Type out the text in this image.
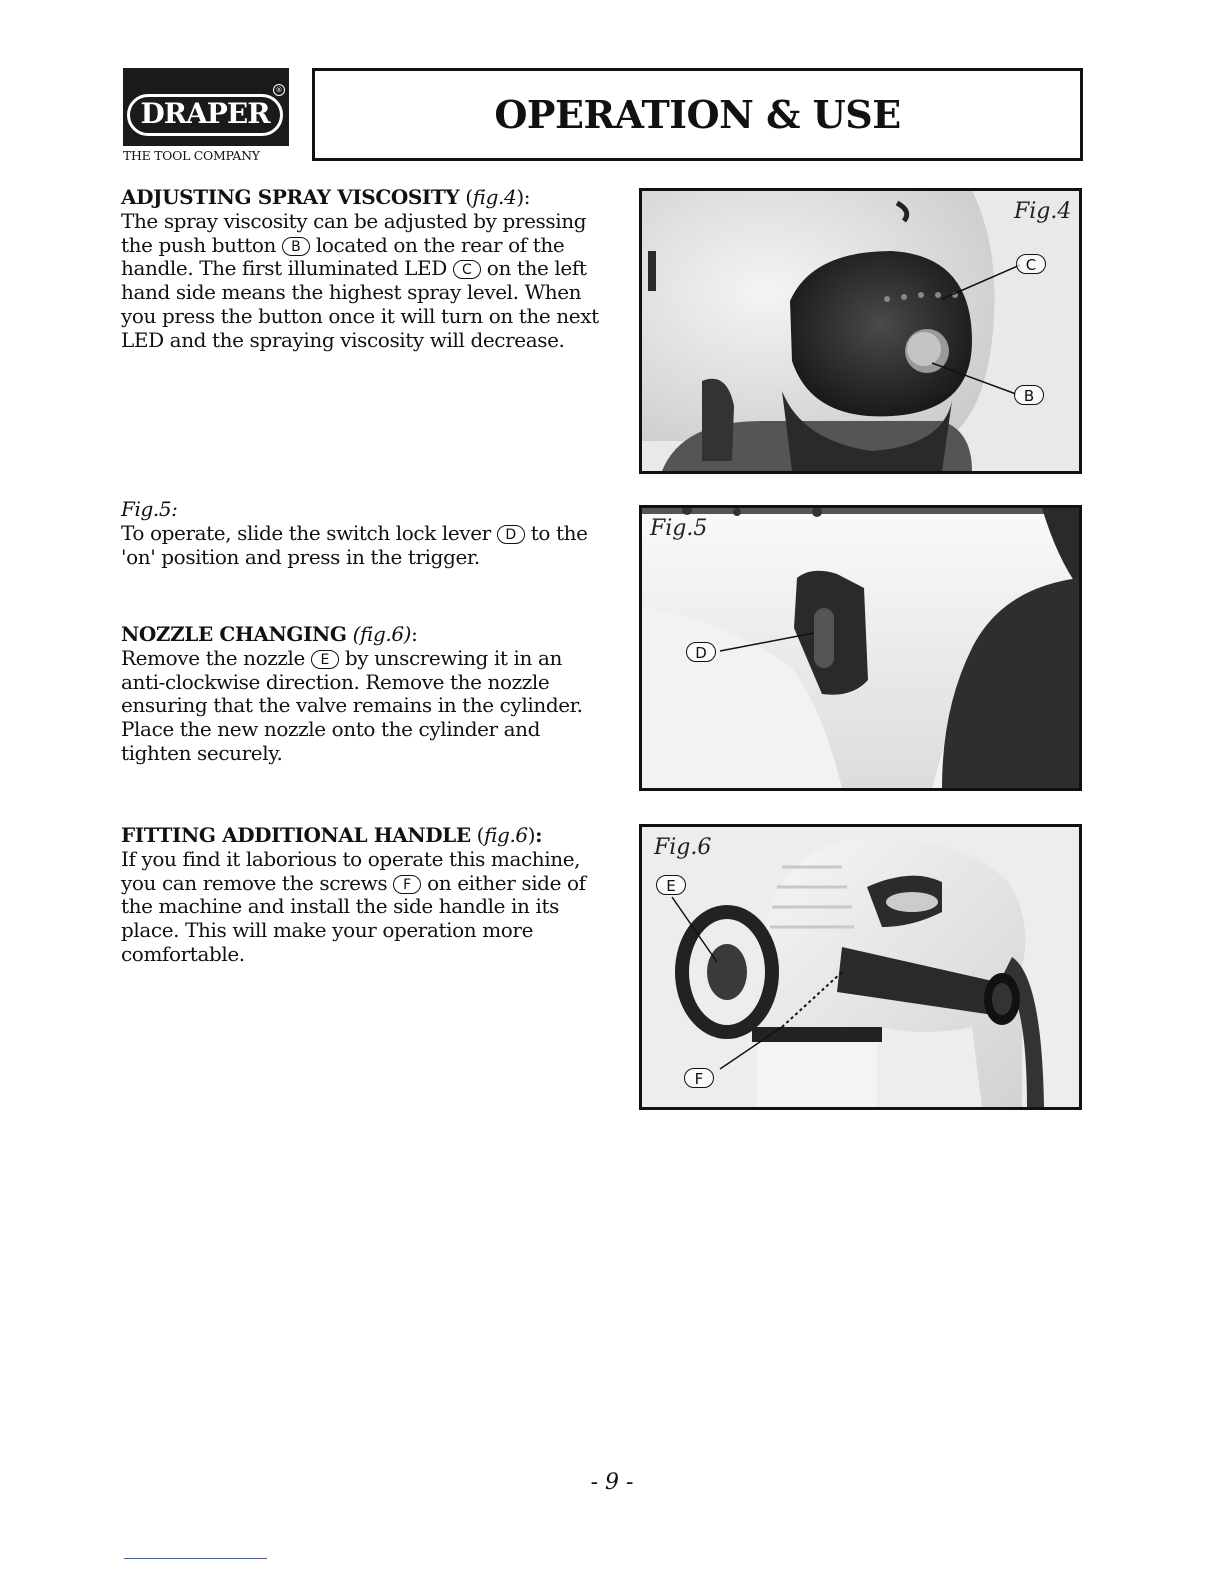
DRAPER
®
THE TOOL COMPANY
OPERATION & USE
ADJUSTING SPRAY VISCOSITY (fig.4):
The spray viscosity can be adjusted by pressing the push button B located on the rear of the handle. The first illuminated LED C on the left hand side means the highest spray level. When you press the button once it will turn on the next LED and the spraying viscosity will decrease.
Fig.5:
To operate, slide the switch lock lever D to the 'on' position and press in the trigger.
NOZZLE CHANGING (fig.6):
Remove the nozzle E by unscrewing it in an anti-clockwise direction. Remove the nozzle ensuring that the valve remains in the cylinder. Place the new nozzle onto the cylinder and tighten securely.
FITTING ADDITIONAL HANDLE (fig.6):
If you find it laborious to operate this machine, you can remove the screws F on either side of the machine and install the side handle in its place. This will make your operation more comfortable.
Fig.4
C
B
Fig.5
D
Fig.6
E
F
- 9 -
